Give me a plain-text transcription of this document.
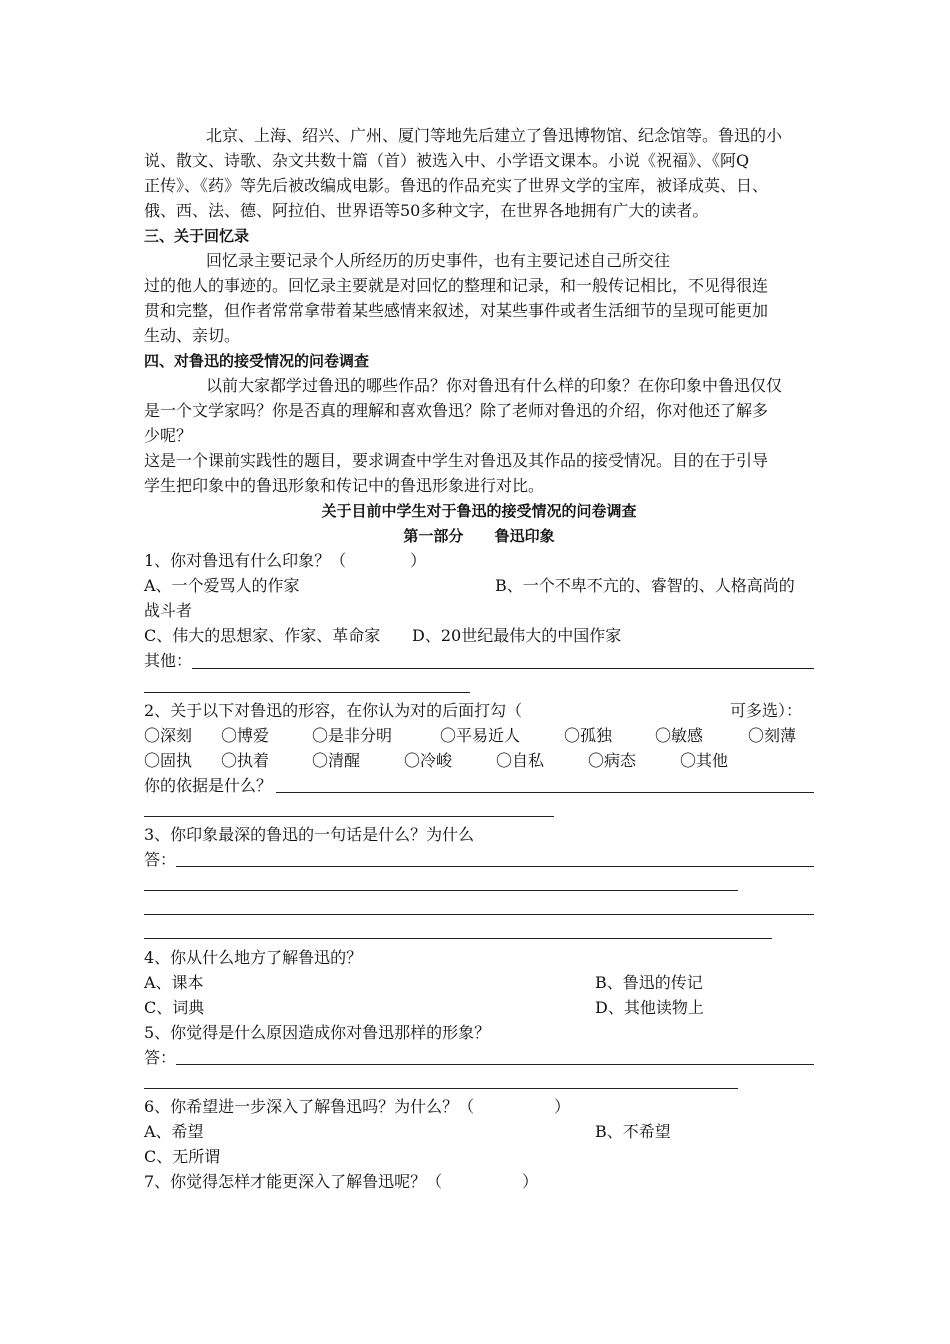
北京、上海、绍兴、广州、厦门等地先后建立了鲁迅博物馆、纪念馆等。鲁迅的小
说、散文、诗歌、杂文共数十篇（首）被选入中、小学语文课本。小说《祝福》、《阿Q
正传》、《药》等先后被改编成电影。鲁迅的作品充实了世界文学的宝库，被译成英、日、
俄、西、法、德、阿拉伯、世界语等50多种文字，在世界各地拥有广大的读者。
三、关于回忆录
回忆录主要记录个人所经历的历史事件，也有主要记述自己所交往
过的他人的事迹的。回忆录主要就是对回忆的整理和记录，和一般传记相比，不见得很连
贯和完整，但作者常常拿带着某些感情来叙述，对某些事件或者生活细节的呈现可能更加
生动、亲切。
四、对鲁迅的接受情况的问卷调查
以前大家都学过鲁迅的哪些作品？你对鲁迅有什么样的印象？在你印象中鲁迅仅仅
是一个文学家吗？你是否真的理解和喜欢鲁迅？除了老师对鲁迅的介绍，你对他还了解多
少呢？
这是一个课前实践性的题目，要求调查中学生对鲁迅及其作品的接受情况。目的在于引导
学生把印象中的鲁迅形象和传记中的鲁迅形象进行对比。
关于目前中学生对于鲁迅的接受情况的问卷调查
第一部分 鲁迅印象
1、你对鲁迅有什么印象？（　　　　）
A、一个爱骂人的作家	B、一个不卑不亢的、睿智的、人格高尚的
战斗者
C、伟大的思想家、作家、革命家 D、20世纪最伟大的中国作家
其他：
2、关于以下对鲁迅的形容，在你认为对的后面打勾（	可多选）：
〇深刻 〇博爱	〇是非分明	〇平易近人	〇孤独	〇敏感	〇刻薄
〇固执 〇执着	〇清醒	〇冷峻	〇自私	〇病态	〇其他
你的依据是什么？
3、你印象最深的鲁迅的一句话是什么？为什么
答：
4、你从什么地方了解鲁迅的？
A、课本	B、鲁迅的传记
C、词典	D、其他读物上
5、你觉得是什么原因造成你对鲁迅那样的形象？
答：
6、你希望进一步深入了解鲁迅吗？为什么？（　　　　　）
A、希望	B、不希望
C、无所谓
7、你觉得怎样才能更深入了解鲁迅呢？（　　　　　）
